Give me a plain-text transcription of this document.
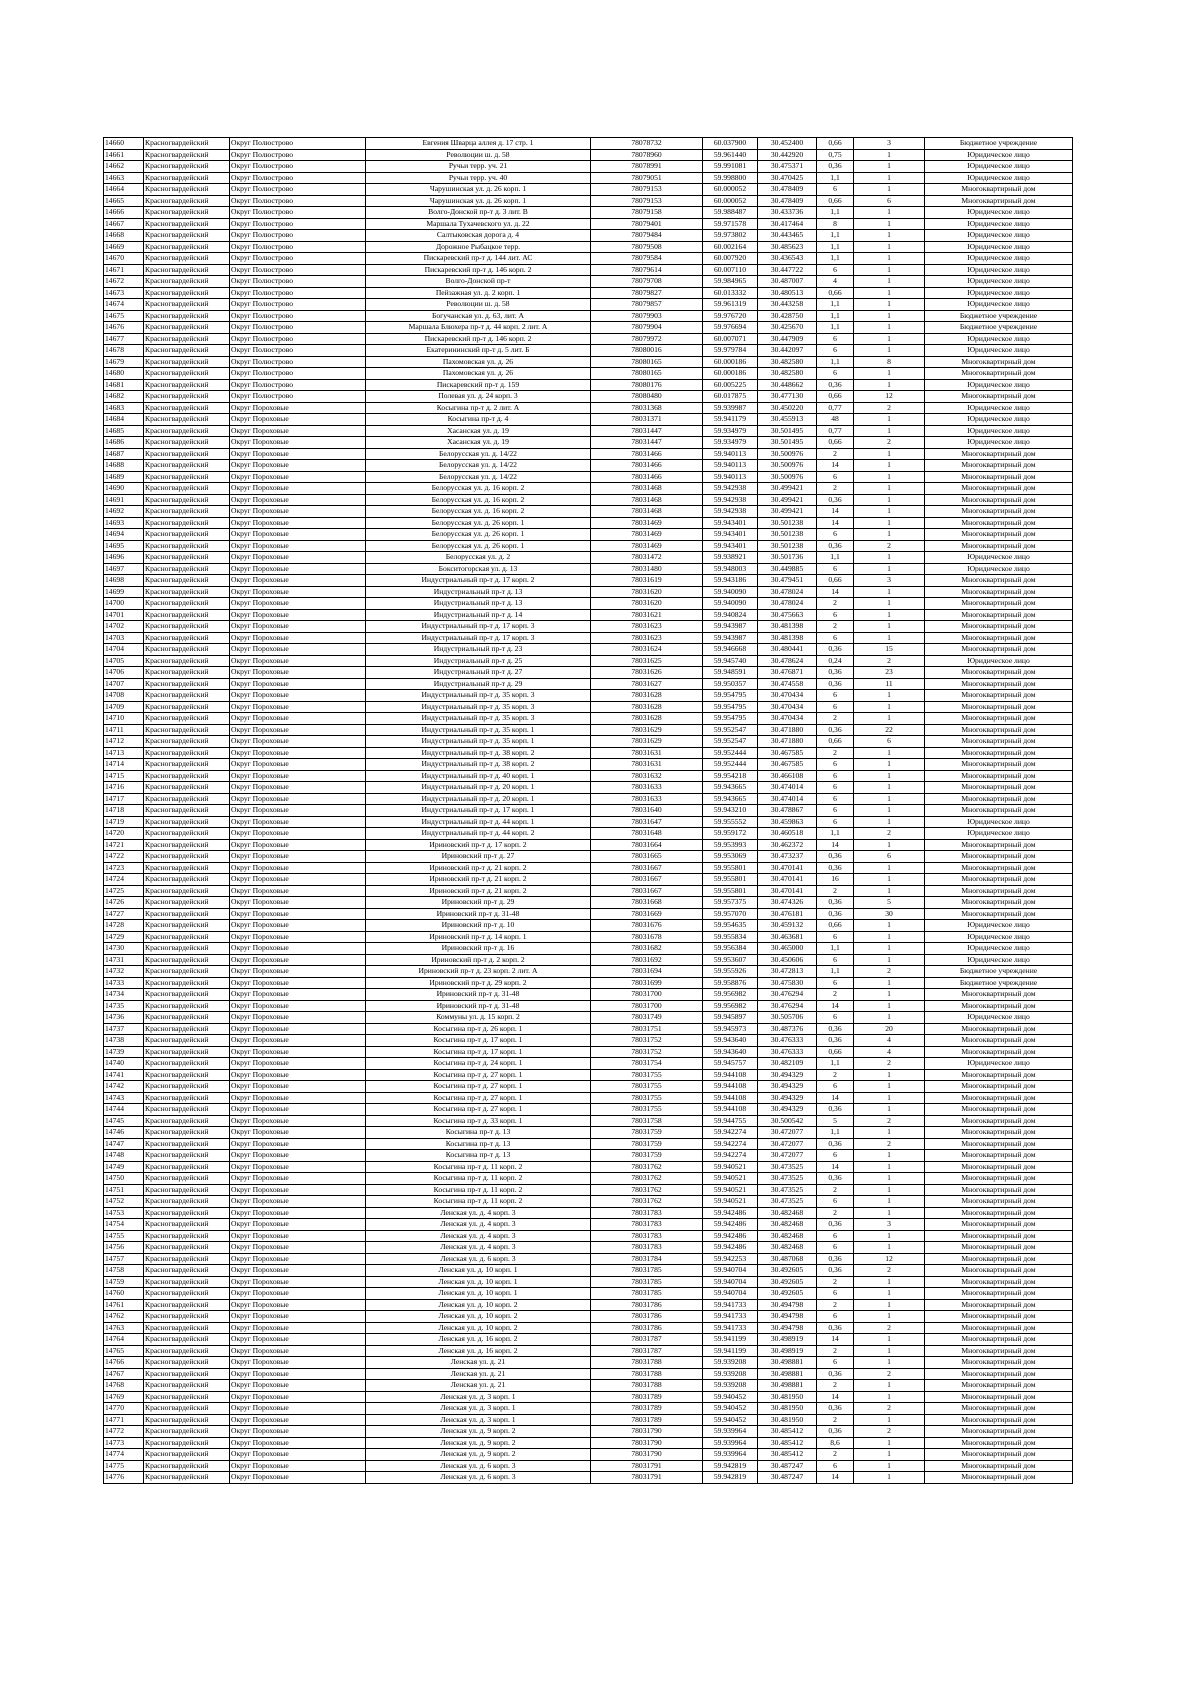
14660	Красногвардейский	Округ Полюстрово	Евгения Шварца аллея д. 17 стр. 1	78078732	60.037900	30.452400	0,66	3	Бюджетное учреждение
14661	Красногвардейский	Округ Полюстрово	Революции ш. д. 58	78078960	59.961440	30.442920	0,75	1	Юридическое лицо
14662	Красногвардейский	Округ Полюстрово	Ручьи терр. уч. 21	78078991	59.991081	30.475371	0,36	1	Юридическое лицо
14663	Красногвардейский	Округ Полюстрово	Ручьи терр. уч. 40	78079051	59.998800	30.470425	1,1	1	Юридическое лицо
14664	Красногвардейский	Округ Полюстрово	Чарушинская ул. д. 26 корп. 1	78079153	60.000052	30.478409	6	1	Многоквартирный дом
14665	Красногвардейский	Округ Полюстрово	Чарушинская ул. д. 26 корп. 1	78079153	60.000052	30.478409	0,66	6	Многоквартирный дом
14666	Красногвардейский	Округ Полюстрово	Волго-Донской пр-т д. 3 лит. В	78079158	59.988487	30.433736	1,1	1	Юридическое лицо
14667	Красногвардейский	Округ Полюстрово	Маршала Тухачевского ул. д. 22	78079401	59.971578	30.417464	8	1	Юридическое лицо
14668	Красногвардейский	Округ Полюстрово	Салтыковская дорога д. 4	78079484	59.973802	30.443465	1,1	1	Юридическое лицо
14669	Красногвардейский	Округ Полюстрово	Дорожное Рыбацкое терр.	78079508	60.002164	30.485623	1,1	1	Юридическое лицо
14670	Красногвардейский	Округ Полюстрово	Пискаревский пр-т д. 144 лит. АС	78079584	60.007920	30.436543	1,1	1	Юридическое лицо
14671	Красногвардейский	Округ Полюстрово	Пискаревский пр-т д. 146 корп. 2	78079614	60.007110	30.447722	6	1	Юридическое лицо
14672	Красногвардейский	Округ Полюстрово	Волго-Донской пр-т	78079708	59.984965	30.487007	4	1	Юридическое лицо
14673	Красногвардейский	Округ Полюстрово	Пейзажная ул. д. 2 корп. 1	78079827	60.013332	30.480513	0,66	1	Юридическое лицо
14674	Красногвардейский	Округ Полюстрово	Революции ш. д. 58	78079857	59.961319	30.443258	1,1	1	Юридическое лицо
14675	Красногвардейский	Округ Полюстрово	Богучанская ул. д. 63, лит. А	78079903	59.976720	30.428750	1,1	1	Бюджетное учреждение
14676	Красногвардейский	Округ Полюстрово	Маршала Блюхера пр-т д. 44 корп. 2 лит. А	78079904	59.976694	30.425670	1,1	1	Бюджетное учреждение
14677	Красногвардейский	Округ Полюстрово	Пискаревский пр-т д. 146 корп. 2	78079972	60.007071	30.447909	6	1	Юридическое лицо
14678	Красногвардейский	Округ Полюстрово	Екатерининский пр-т д. 5 лит. Б	78080016	59.979784	30.442097	6	1	Юридическое лицо
14679	Красногвардейский	Округ Полюстрово	Пахомовская ул. д. 26	78080165	60.000186	30.482580	1,1	8	Многоквартирный дом
14680	Красногвардейский	Округ Полюстрово	Пахомовская ул. д. 26	78080165	60.000186	30.482580	6	1	Многоквартирный дом
14681	Красногвардейский	Округ Полюстрово	Пискаревский пр-т д. 159	78080176	60.005225	30.448662	0,36	1	Юридическое лицо
14682	Красногвардейский	Округ Полюстрово	Полевая ул. д. 24 корп. 3	78080480	60.017875	30.477130	0,66	12	Многоквартирный дом
14683	Красногвардейский	Округ Пороховые	Косыгина пр-т д. 2 лит. А	78031368	59.939987	30.450220	0,77	2	Юридическое лицо
14684	Красногвардейский	Округ Пороховые	Косыгина пр-т д. 4	78031371	59.941179	30.455913	48	1	Юридическое лицо
14685	Красногвардейский	Округ Пороховые	Хасанская ул. д. 19	78031447	59.934979	30.501495	0,77	1	Юридическое лицо
14686	Красногвардейский	Округ Пороховые	Хасанская ул. д. 19	78031447	59.934979	30.501495	0,66	2	Юридическое лицо
14687	Красногвардейский	Округ Пороховые	Белорусская ул. д. 14/22	78031466	59.940113	30.500976	2	1	Многоквартирный дом
14688	Красногвардейский	Округ Пороховые	Белорусская ул. д. 14/22	78031466	59.940113	30.500976	14	1	Многоквартирный дом
14689	Красногвардейский	Округ Пороховые	Белорусская ул. д. 14/22	78031466	59.940113	30.500976	6	1	Многоквартирный дом
14690	Красногвардейский	Округ Пороховые	Белорусская ул. д. 16 корп. 2	78031468	59.942938	30.499421	2	1	Многоквартирный дом
14691	Красногвардейский	Округ Пороховые	Белорусская ул. д. 16 корп. 2	78031468	59.942938	30.499421	0,36	1	Многоквартирный дом
14692	Красногвардейский	Округ Пороховые	Белорусская ул. д. 16 корп. 2	78031468	59.942938	30.499421	14	1	Многоквартирный дом
14693	Красногвардейский	Округ Пороховые	Белорусская ул. д. 26 корп. 1	78031469	59.943401	30.501238	14	1	Многоквартирный дом
14694	Красногвардейский	Округ Пороховые	Белорусская ул. д. 26 корп. 1	78031469	59.943401	30.501238	6	1	Многоквартирный дом
14695	Красногвардейский	Округ Пороховые	Белорусская ул. д. 26 корп. 1	78031469	59.943401	30.501238	0,36	2	Многоквартирный дом
14696	Красногвардейский	Округ Пороховые	Белорусская ул. д. 2	78031472	59.938921	30.501736	1,1	1	Юридическое лицо
14697	Красногвардейский	Округ Пороховые	Бокситогорская ул. д. 13	78031480	59.948003	30.449885	6	1	Юридическое лицо
14698	Красногвардейский	Округ Пороховые	Индустриальный пр-т д. 17 корп. 2	78031619	59.943186	30.479451	0,66	3	Многоквартирный дом
14699	Красногвардейский	Округ Пороховые	Индустриальный пр-т д. 13	78031620	59.940090	30.478024	14	1	Многоквартирный дом
14700	Красногвардейский	Округ Пороховые	Индустриальный пр-т д. 13	78031620	59.940090	30.478024	2	1	Многоквартирный дом
14701	Красногвардейский	Округ Пороховые	Индустриальный пр-т д. 14	78031621	59.940824	30.475663	6	1	Многоквартирный дом
14702	Красногвардейский	Округ Пороховые	Индустриальный пр-т д. 17 корп. 3	78031623	59.943987	30.481398	2	1	Многоквартирный дом
14703	Красногвардейский	Округ Пороховые	Индустриальный пр-т д. 17 корп. 3	78031623	59.943987	30.481398	6	1	Многоквартирный дом
14704	Красногвардейский	Округ Пороховые	Индустриальный пр-т д. 23	78031624	59.946668	30.480441	0,36	15	Многоквартирный дом
14705	Красногвардейский	Округ Пороховые	Индустриальный пр-т д. 25	78031625	59.945740	30.478624	0,24	2	Юридическое лицо
14706	Красногвардейский	Округ Пороховые	Индустриальный пр-т д. 27	78031626	59.948591	30.476871	0,36	23	Многоквартирный дом
14707	Красногвардейский	Округ Пороховые	Индустриальный пр-т д. 29	78031627	59.950357	30.474558	0,36	11	Многоквартирный дом
14708	Красногвардейский	Округ Пороховые	Индустриальный пр-т д. 35 корп. 3	78031628	59.954795	30.470434	6	1	Многоквартирный дом
14709	Красногвардейский	Округ Пороховые	Индустриальный пр-т д. 35 корп. 3	78031628	59.954795	30.470434	6	1	Многоквартирный дом
14710	Красногвардейский	Округ Пороховые	Индустриальный пр-т д. 35 корп. 3	78031628	59.954795	30.470434	2	1	Многоквартирный дом
14711	Красногвардейский	Округ Пороховые	Индустриальный пр-т д. 35 корп. 1	78031629	59.952547	30.471880	0,36	22	Многоквартирный дом
14712	Красногвардейский	Округ Пороховые	Индустриальный пр-т д. 35 корп. 1	78031629	59.952547	30.471880	0,66	6	Многоквартирный дом
14713	Красногвардейский	Округ Пороховые	Индустриальный пр-т д. 38 корп. 2	78031631	59.952444	30.467585	2	1	Многоквартирный дом
14714	Красногвардейский	Округ Пороховые	Индустриальный пр-т д. 38 корп. 2	78031631	59.952444	30.467585	6	1	Многоквартирный дом
14715	Красногвардейский	Округ Пороховые	Индустриальный пр-т д. 40 корп. 1	78031632	59.954218	30.466108	6	1	Многоквартирный дом
14716	Красногвардейский	Округ Пороховые	Индустриальный пр-т д. 20 корп. 1	78031633	59.943665	30.474014	6	1	Многоквартирный дом
14717	Красногвардейский	Округ Пороховые	Индустриальный пр-т д. 20 корп. 1	78031633	59.943665	30.474014	6	1	Многоквартирный дом
14718	Красногвардейский	Округ Пороховые	Индустриальный пр-т д. 17 корп. 1	78031640	59.943210	30.478867	6	1	Многоквартирный дом
14719	Красногвардейский	Округ Пороховые	Индустриальный пр-т д. 44 корп. 1	78031647	59.955552	30.459863	6	1	Юридическое лицо
14720	Красногвардейский	Округ Пороховые	Индустриальный пр-т д. 44 корп. 2	78031648	59.959172	30.460518	1,1	2	Юридическое лицо
14721	Красногвардейский	Округ Пороховые	Ириновский пр-т д. 17 корп. 2	78031664	59.953993	30.462372	14	1	Многоквартирный дом
14722	Красногвардейский	Округ Пороховые	Ириновский пр-т д. 27	78031665	59.953069	30.473237	0,36	6	Многоквартирный дом
14723	Красногвардейский	Округ Пороховые	Ириновский пр-т д. 21 корп. 2	78031667	59.955801	30.470141	0,36	1	Многоквартирный дом
14724	Красногвардейский	Округ Пороховые	Ириновский пр-т д. 21 корп. 2	78031667	59.955801	30.470141	16	1	Многоквартирный дом
14725	Красногвардейский	Округ Пороховые	Ириновский пр-т д. 21 корп. 2	78031667	59.955801	30.470141	2	1	Многоквартирный дом
14726	Красногвардейский	Округ Пороховые	Ириновский пр-т д. 29	78031668	59.957375	30.474326	0,36	5	Многоквартирный дом
14727	Красногвардейский	Округ Пороховые	Ириновский пр-т д. 31-48	78031669	59.957070	30.476181	0,36	30	Многоквартирный дом
14728	Красногвардейский	Округ Пороховые	Ириновский пр-т д. 10	78031676	59.954635	30.459132	0,66	1	Юридическое лицо
14729	Красногвардейский	Округ Пороховые	Ириновский пр-т д. 14 корп. 1	78031678	59.955834	30.463681	6	1	Юридическое лицо
14730	Красногвардейский	Округ Пороховые	Ириновский пр-т д. 16	78031682	59.956384	30.465000	1,1	1	Юридическое лицо
14731	Красногвардейский	Округ Пороховые	Ириновский пр-т д. 2 корп. 2	78031692	59.953607	30.450606	6	1	Юридическое лицо
14732	Красногвардейский	Округ Пороховые	Ириновский пр-т д. 23 корп. 2 лит. А	78031694	59.955926	30.472813	1,1	2	Бюджетное учреждение
14733	Красногвардейский	Округ Пороховые	Ириновский пр-т д. 29 корп. 2	78031699	59.958876	30.475830	6	1	Бюджетное учреждение
14734	Красногвардейский	Округ Пороховые	Ириновский пр-т д. 31-48	78031700	59.956982	30.476294	2	1	Многоквартирный дом
14735	Красногвардейский	Округ Пороховые	Ириновский пр-т д. 31-48	78031700	59.956982	30.476294	14	1	Многоквартирный дом
14736	Красногвардейский	Округ Пороховые	Коммуны ул. д. 15 корп. 2	78031749	59.945897	30.505706	6	1	Юридическое лицо
14737	Красногвардейский	Округ Пороховые	Косыгина пр-т д. 26 корп. 1	78031751	59.945973	30.487376	0,36	20	Многоквартирный дом
14738	Красногвардейский	Округ Пороховые	Косыгина пр-т д. 17 корп. 1	78031752	59.943640	30.476333	0,36	4	Многоквартирный дом
14739	Красногвардейский	Округ Пороховые	Косыгина пр-т д. 17 корп. 1	78031752	59.943640	30.476333	0,66	4	Многоквартирный дом
14740	Красногвардейский	Округ Пороховые	Косыгина пр-т д. 24 корп. 1	78031754	59.945757	30.482109	1,1	2	Юридическое лицо
14741	Красногвардейский	Округ Пороховые	Косыгина пр-т д. 27 корп. 1	78031755	59.944108	30.494329	2	1	Многоквартирный дом
14742	Красногвардейский	Округ Пороховые	Косыгина пр-т д. 27 корп. 1	78031755	59.944108	30.494329	6	1	Многоквартирный дом
14743	Красногвардейский	Округ Пороховые	Косыгина пр-т д. 27 корп. 1	78031755	59.944108	30.494329	14	1	Многоквартирный дом
14744	Красногвардейский	Округ Пороховые	Косыгина пр-т д. 27 корп. 1	78031755	59.944108	30.494329	0,36	1	Многоквартирный дом
14745	Красногвардейский	Округ Пороховые	Косыгина пр-т д. 33 корп. 1	78031758	59.944755	30.500542	5	2	Многоквартирный дом
14746	Красногвардейский	Округ Пороховые	Косыгина пр-т д. 13	78031759	59.942274	30.472077	1,1	1	Многоквартирный дом
14747	Красногвардейский	Округ Пороховые	Косыгина пр-т д. 13	78031759	59.942274	30.472077	0,36	2	Многоквартирный дом
14748	Красногвардейский	Округ Пороховые	Косыгина пр-т д. 13	78031759	59.942274	30.472077	6	1	Многоквартирный дом
14749	Красногвардейский	Округ Пороховые	Косыгина пр-т д. 11 корп. 2	78031762	59.940521	30.473525	14	1	Многоквартирный дом
14750	Красногвардейский	Округ Пороховые	Косыгина пр-т д. 11 корп. 2	78031762	59.940521	30.473525	0,36	1	Многоквартирный дом
14751	Красногвардейский	Округ Пороховые	Косыгина пр-т д. 11 корп. 2	78031762	59.940521	30.473525	2	1	Многоквартирный дом
14752	Красногвардейский	Округ Пороховые	Косыгина пр-т д. 11 корп. 2	78031762	59.940521	30.473525	6	1	Многоквартирный дом
14753	Красногвардейский	Округ Пороховые	Ленская ул. д. 4 корп. 3	78031783	59.942486	30.482468	2	1	Многоквартирный дом
14754	Красногвардейский	Округ Пороховые	Ленская ул. д. 4 корп. 3	78031783	59.942486	30.482468	0,36	3	Многоквартирный дом
14755	Красногвардейский	Округ Пороховые	Ленская ул. д. 4 корп. 3	78031783	59.942486	30.482468	6	1	Многоквартирный дом
14756	Красногвардейский	Округ Пороховые	Ленская ул. д. 4 корп. 3	78031783	59.942486	30.482468	6	1	Многоквартирный дом
14757	Красногвардейский	Округ Пороховые	Ленская ул. д. 6 корп. 3	78031784	59.942253	30.487068	0,36	12	Многоквартирный дом
14758	Красногвардейский	Округ Пороховые	Ленская ул. д. 10 корп. 1	78031785	59.940704	30.492605	0,36	2	Многоквартирный дом
14759	Красногвардейский	Округ Пороховые	Ленская ул. д. 10 корп. 1	78031785	59.940704	30.492605	2	1	Многоквартирный дом
14760	Красногвардейский	Округ Пороховые	Ленская ул. д. 10 корп. 1	78031785	59.940704	30.492605	6	1	Многоквартирный дом
14761	Красногвардейский	Округ Пороховые	Ленская ул. д. 10 корп. 2	78031786	59.941733	30.494798	2	1	Многоквартирный дом
14762	Красногвардейский	Округ Пороховые	Ленская ул. д. 10 корп. 2	78031786	59.941733	30.494798	6	1	Многоквартирный дом
14763	Красногвардейский	Округ Пороховые	Ленская ул. д. 10 корп. 2	78031786	59.941733	30.494798	0,36	2	Многоквартирный дом
14764	Красногвардейский	Округ Пороховые	Ленская ул. д. 16 корп. 2	78031787	59.941199	30.498919	14	1	Многоквартирный дом
14765	Красногвардейский	Округ Пороховые	Ленская ул. д. 16 корп. 2	78031787	59.941199	30.498919	2	1	Многоквартирный дом
14766	Красногвардейский	Округ Пороховые	Ленская ул. д. 21	78031788	59.939208	30.498881	6	1	Многоквартирный дом
14767	Красногвардейский	Округ Пороховые	Ленская ул. д. 21	78031788	59.939208	30.498881	0,36	2	Многоквартирный дом
14768	Красногвардейский	Округ Пороховые	Ленская ул. д. 21	78031788	59.939208	30.498881	2	1	Многоквартирный дом
14769	Красногвардейский	Округ Пороховые	Ленская ул. д. 3 корп. 1	78031789	59.940452	30.481950	14	1	Многоквартирный дом
14770	Красногвардейский	Округ Пороховые	Ленская ул. д. 3 корп. 1	78031789	59.940452	30.481950	0,36	2	Многоквартирный дом
14771	Красногвардейский	Округ Пороховые	Ленская ул. д. 3 корп. 1	78031789	59.940452	30.481950	2	1	Многоквартирный дом
14772	Красногвардейский	Округ Пороховые	Ленская ул. д. 9 корп. 2	78031790	59.939964	30.485412	0,36	2	Многоквартирный дом
14773	Красногвардейский	Округ Пороховые	Ленская ул. д. 9 корп. 2	78031790	59.939964	30.485412	8,6	1	Многоквартирный дом
14774	Красногвардейский	Округ Пороховые	Ленская ул. д. 9 корп. 2	78031790	59.939964	30.485412	2	1	Многоквартирный дом
14775	Красногвардейский	Округ Пороховые	Ленская ул. д. 6 корп. 3	78031791	59.942819	30.487247	6	1	Многоквартирный дом
14776	Красногвардейский	Округ Пороховые	Ленская ул. д. 6 корп. 3	78031791	59.942819	30.487247	14	1	Многоквартирный дом
